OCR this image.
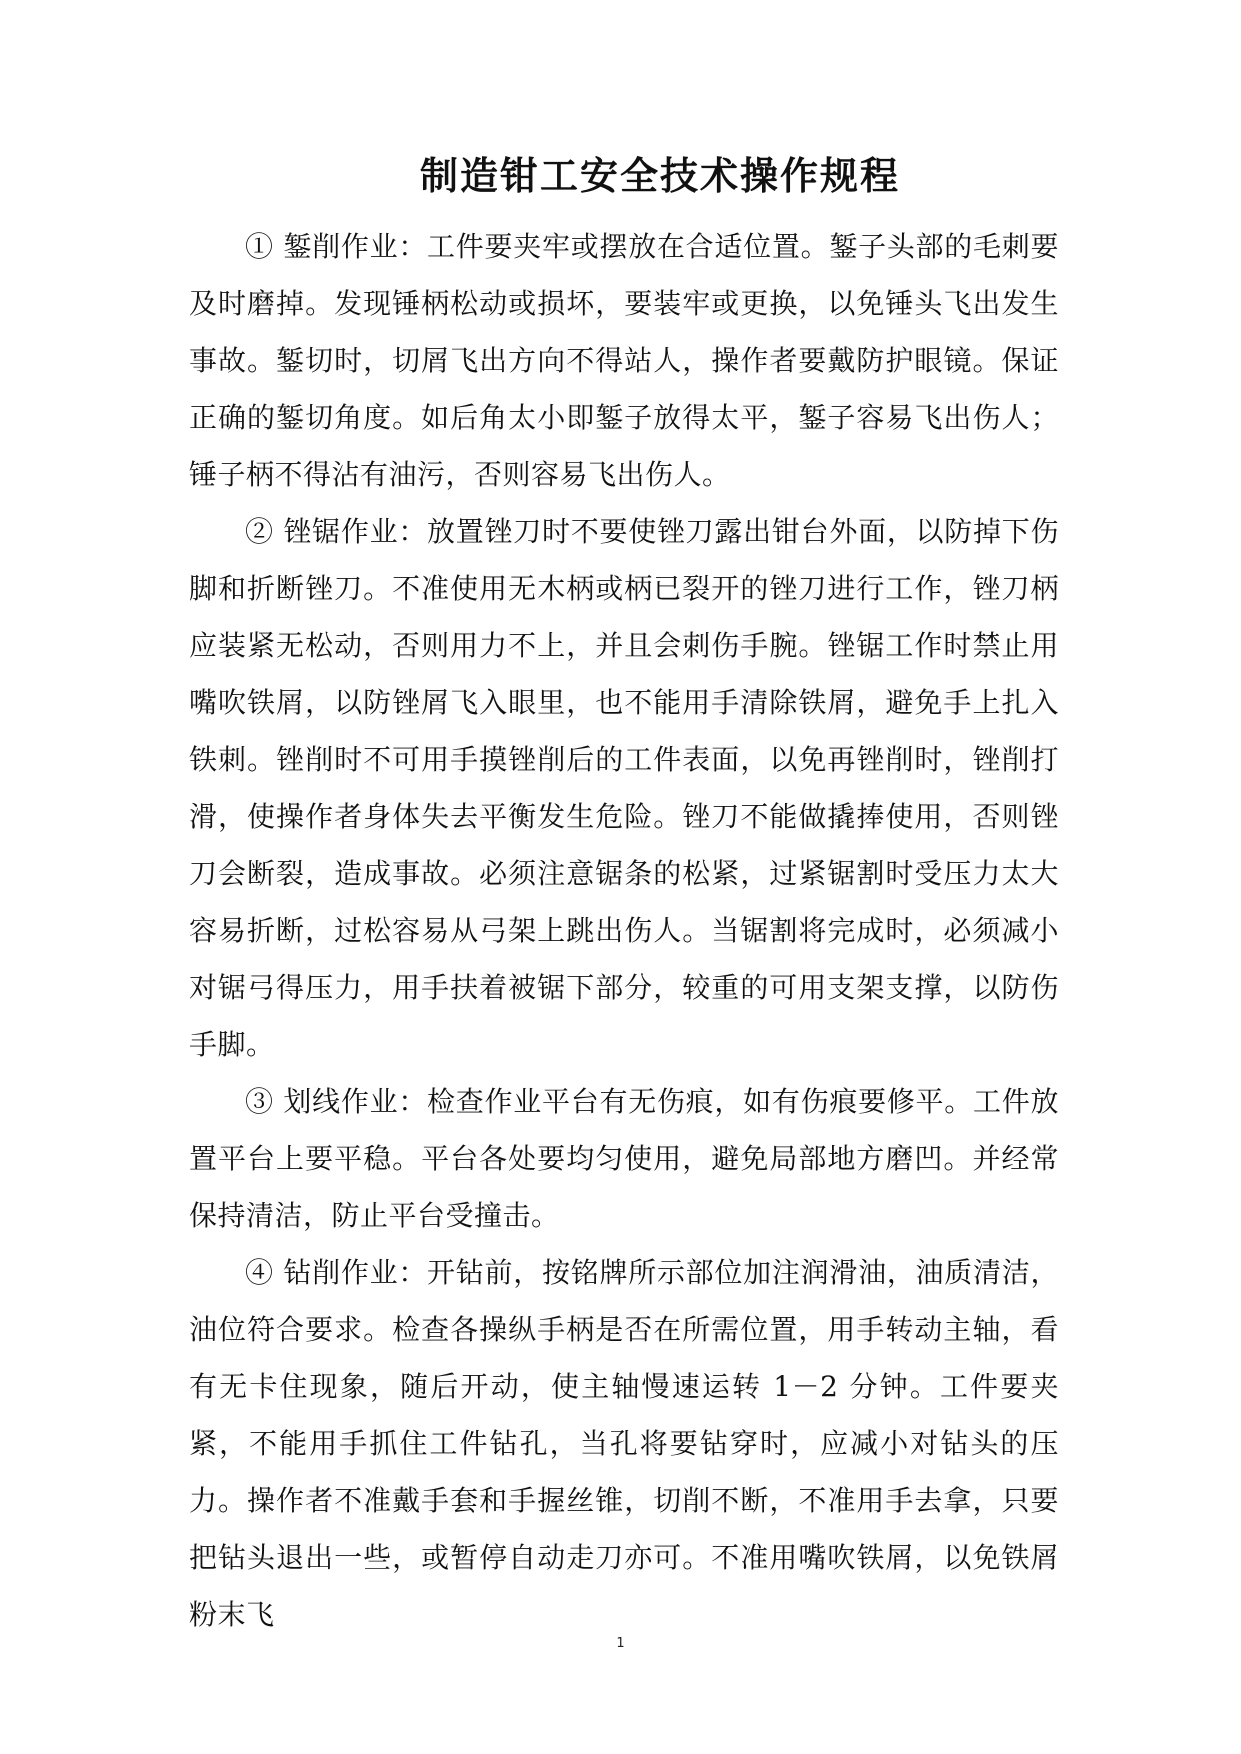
制造钳工安全技术操作规程

① 錾削作业：工件要夹牢或摆放在合适位置。錾子头部的毛刺要及时磨掉。发现锤柄松动或损坏，要装牢或更换，以免锤头飞出发生事故。錾切时，切屑飞出方向不得站人，操作者要戴防护眼镜。保证正确的錾切角度。如后角太小即錾子放得太平，錾子容易飞出伤人；锤子柄不得沾有油污，否则容易飞出伤人。

② 锉锯作业：放置锉刀时不要使锉刀露出钳台外面，以防掉下伤脚和折断锉刀。不准使用无木柄或柄已裂开的锉刀进行工作，锉刀柄应装紧无松动，否则用力不上，并且会刺伤手腕。锉锯工作时禁止用嘴吹铁屑，以防锉屑飞入眼里，也不能用手清除铁屑，避免手上扎入铁刺。锉削时不可用手摸锉削后的工件表面，以免再锉削时，锉削打滑，使操作者身体失去平衡发生危险。锉刀不能做撬捧使用，否则锉刀会断裂，造成事故。必须注意锯条的松紧，过紧锯割时受压力太大容易折断，过松容易从弓架上跳出伤人。当锯割将完成时，必须减小对锯弓得压力，用手扶着被锯下部分，较重的可用支架支撑，以防伤手脚。

③ 划线作业：检查作业平台有无伤痕，如有伤痕要修平。工件放置平台上要平稳。平台各处要均匀使用，避免局部地方磨凹。并经常保持清洁，防止平台受撞击。

④ 钻削作业：开钻前，按铭牌所示部位加注润滑油，油质清洁，油位符合要求。检查各操纵手柄是否在所需位置，用手转动主轴，看有无卡住现象，随后开动，使主轴慢速运转 1－2 分钟。工件要夹紧，不能用手抓住工件钻孔，当孔将要钻穿时，应减小对钻头的压力。操作者不准戴手套和手握丝锥，切削不断，不准用手去拿，只要把钻头退出一些，或暂停自动走刀亦可。不准用嘴吹铁屑，以免铁屑粉末飞

1
